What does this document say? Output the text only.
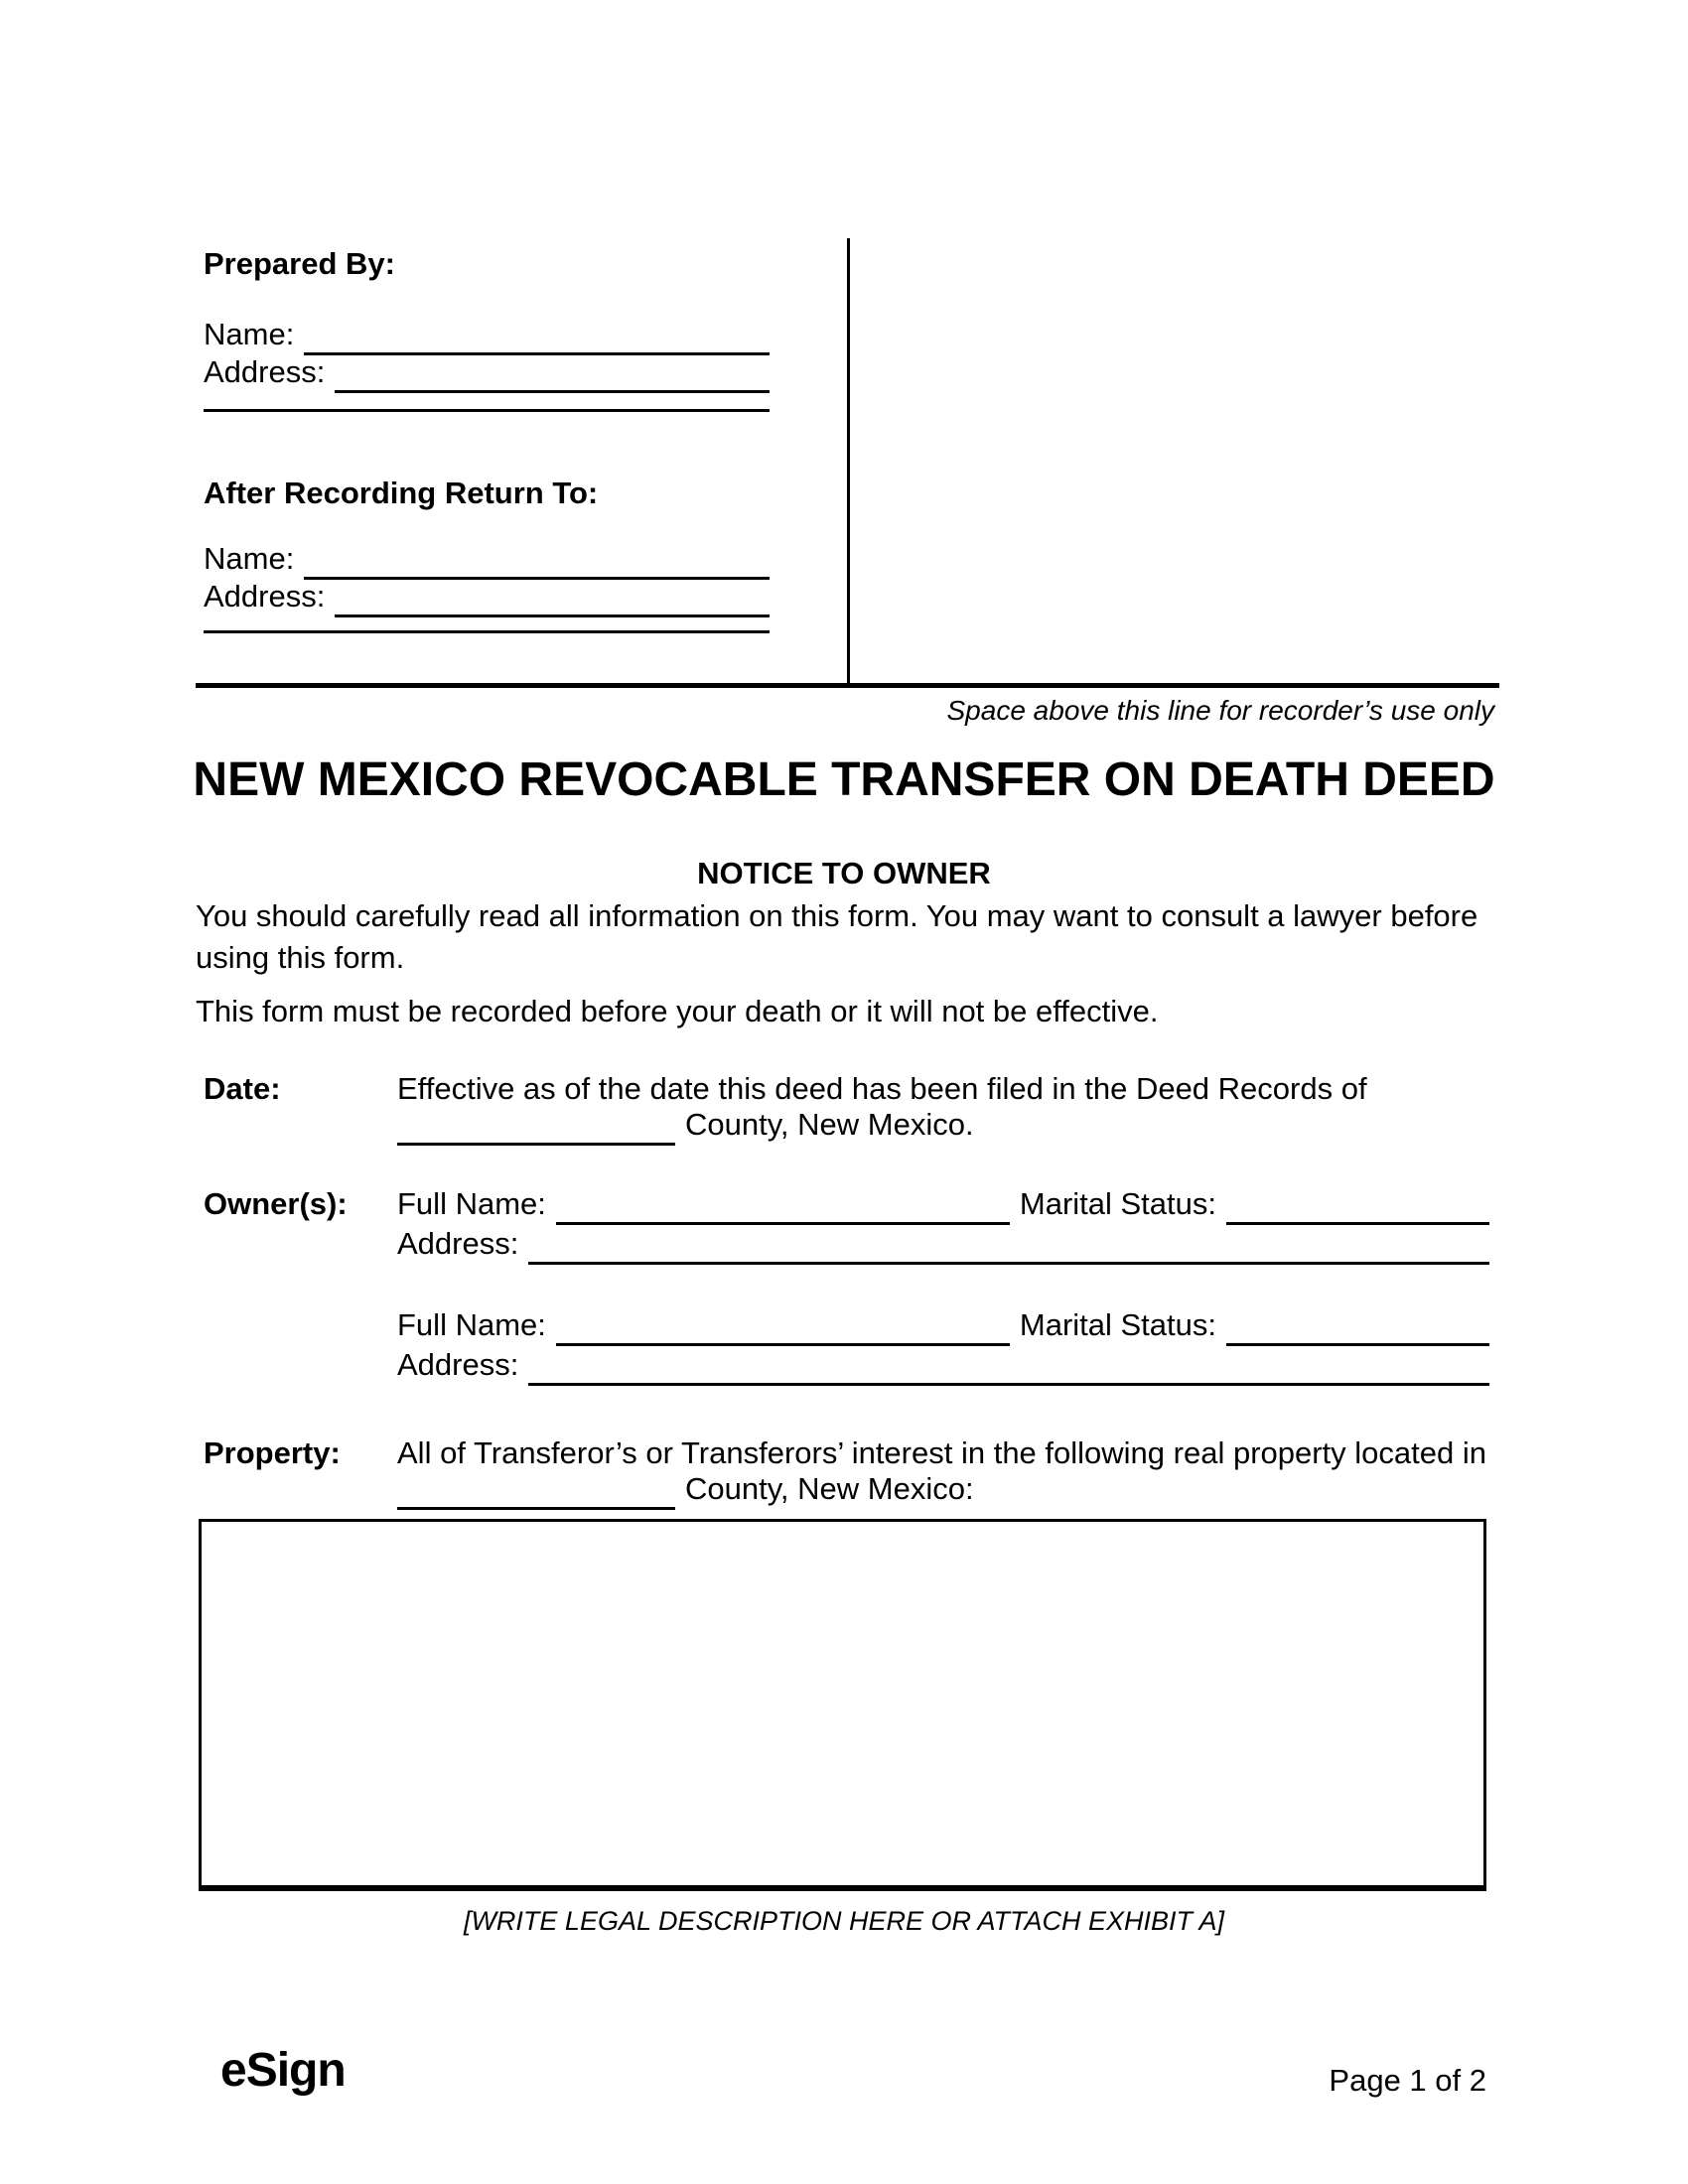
Prepared By:
Name:
Address:
After Recording Return To:
Name:
Address:
Space above this line for recorder’s use only
NEW MEXICO REVOCABLE TRANSFER ON DEATH DEED
NOTICE TO OWNER
You should carefully read all information on this form. You may want to consult a lawyer before
using this form.
This form must be recorded before your death or it will not be effective.
Date:	Effective as of the date this deed has been filed in the Deed Records of
County, New Mexico.
Owner(s): Full Name:	Marital Status:
Address:
Full Name:	Marital Status:
Address:
Property: All of Transferor’s or Transferors’ interest in the following real property located in
County, New Mexico:
[WRITE LEGAL DESCRIPTION HERE OR ATTACH EXHIBIT A]
eSign	Page 1 of 2
